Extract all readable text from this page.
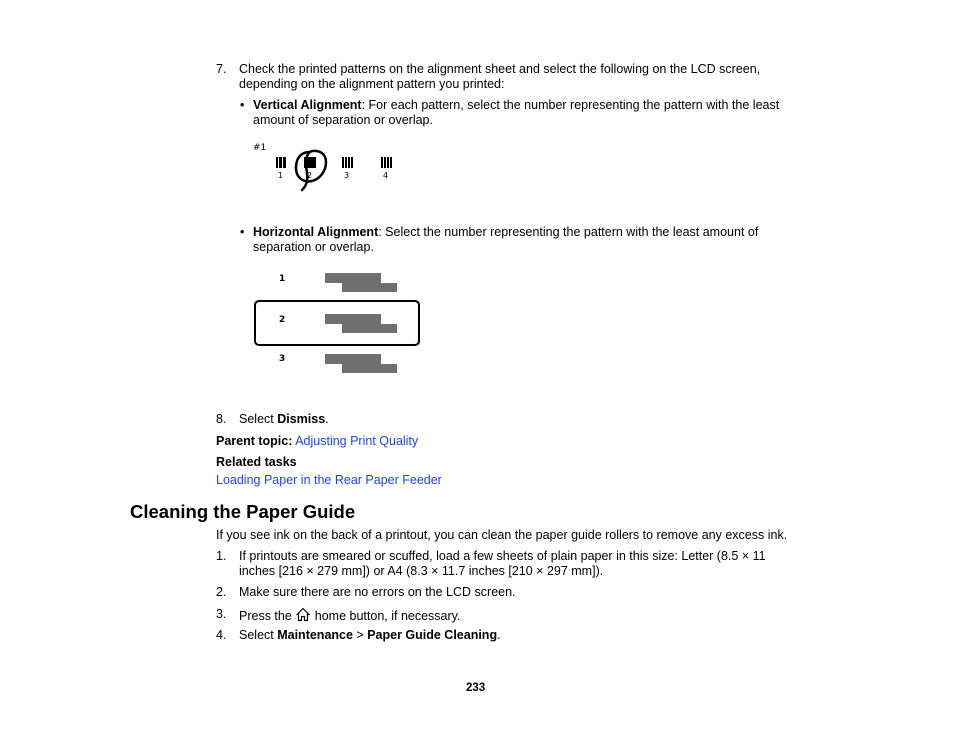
7. Check the printed patterns on the alignment sheet and select the following on the LCD screen,
depending on the alignment pattern you printed:
• Vertical Alignment: For each pattern, select the number representing the pattern with the least
amount of separation or overlap.
#1
1	2	3	4
• Horizontal Alignment: Select the number representing the pattern with the least amount of
separation or overlap.
1
2
3
8. Select Dismiss.
Parent topic: Adjusting Print Quality
Related tasks
Loading Paper in the Rear Paper Feeder
Cleaning the Paper Guide
If you see ink on the back of a printout, you can clean the paper guide rollers to remove any excess ink.
1. If printouts are smeared or scuffed, load a few sheets of plain paper in this size: Letter (8.5 × 11
inches [216 × 279 mm]) or A4 (8.3 × 11.7 inches [210 × 297 mm]).
2. Make sure there are no errors on the LCD screen.
3. Press the home button, if necessary.
4. Select Maintenance > Paper Guide Cleaning.
233
